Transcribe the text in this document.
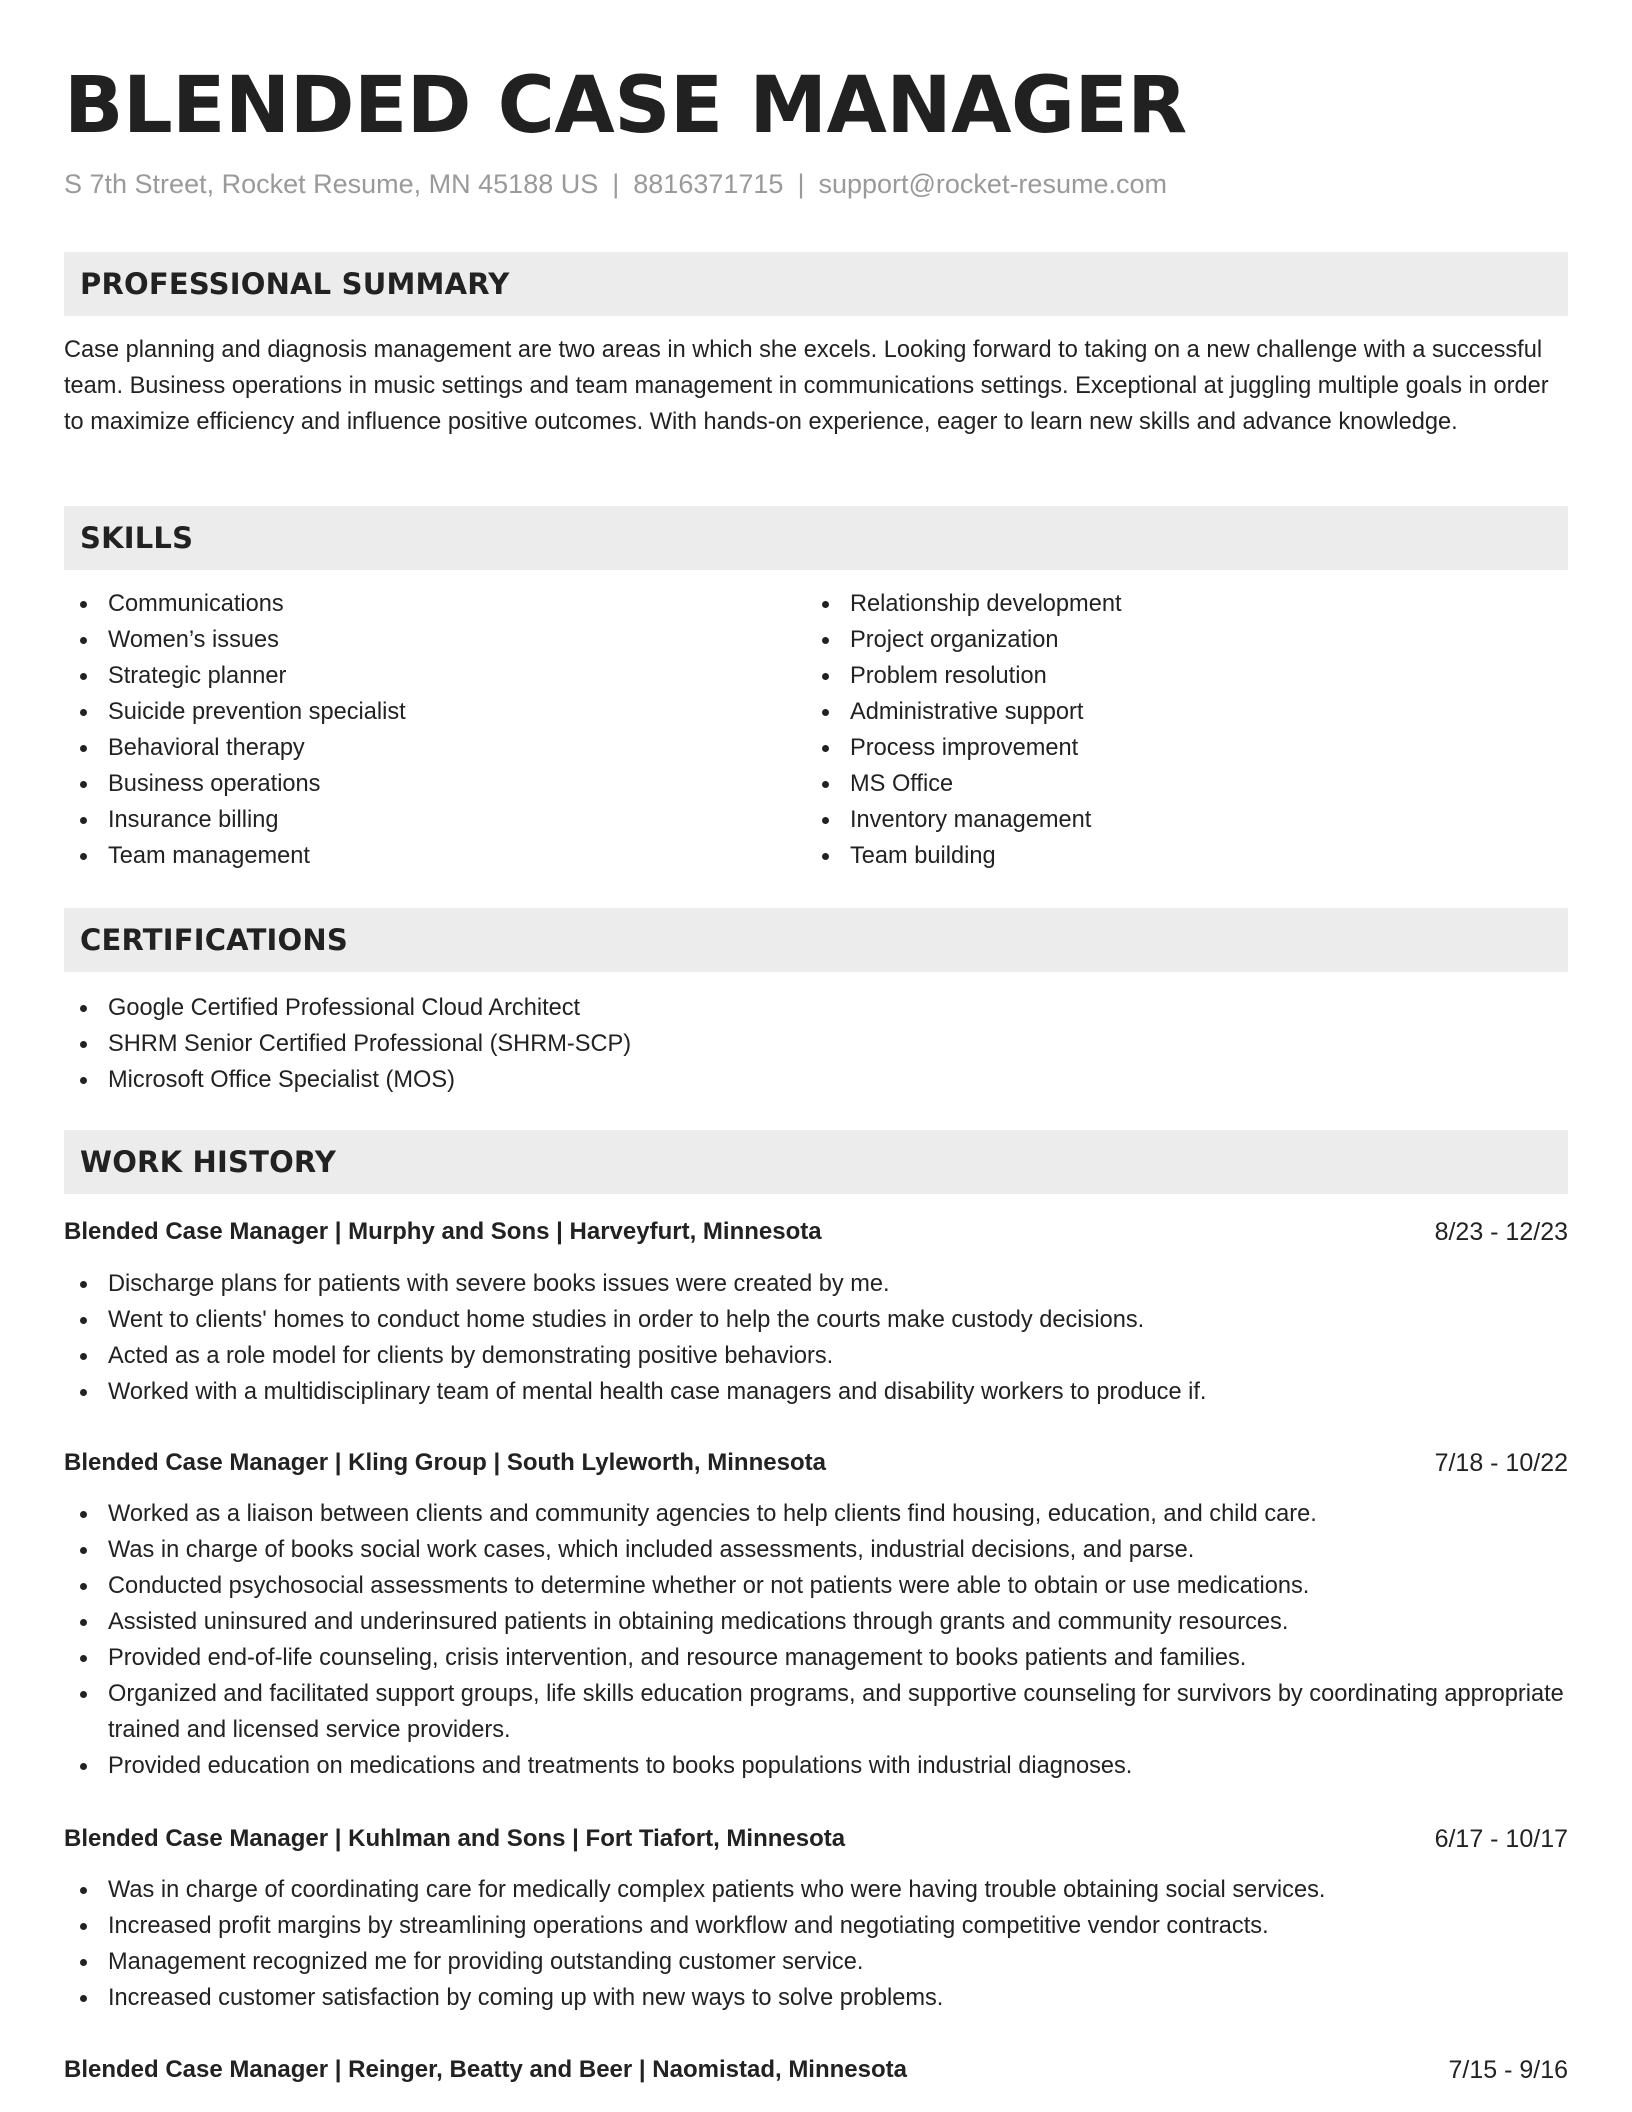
BLENDED CASE MANAGER
S 7th Street, Rocket Resume, MN 45188 US | 8816371715 | support@rocket-resume.com
PROFESSIONAL SUMMARY

Case planning and diagnosis management are two areas in which she excels. Looking forward to taking on a new challenge with a successful team. Business operations in music settings and team management in communications settings. Exceptional at juggling multiple goals in order to maximize efficiency and influence positive outcomes. With hands-on experience, eager to learn new skills and advance knowledge.

SKILLS
Communications
Women’s issues
Strategic planner
Suicide prevention specialist
Behavioral therapy
Business operations
Insurance billing
Team management
Relationship development
Project organization
Problem resolution
Administrative support
Process improvement
MS Office
Inventory management
Team building
CERTIFICATIONS
Google Certified Professional Cloud Architect
SHRM Senior Certified Professional (SHRM-SCP)
Microsoft Office Specialist (MOS)
WORK HISTORY
Blended Case Manager | Murphy and Sons | Harveyfurt, Minnesota	8/23 - 12/23
Discharge plans for patients with severe books issues were created by me.
Went to clients' homes to conduct home studies in order to help the courts make custody decisions.
Acted as a role model for clients by demonstrating positive behaviors.
Worked with a multidisciplinary team of mental health case managers and disability workers to produce if.
Blended Case Manager | Kling Group | South Lyleworth, Minnesota	7/18 - 10/22
Worked as a liaison between clients and community agencies to help clients find housing, education, and child care.
Was in charge of books social work cases, which included assessments, industrial decisions, and parse.
Conducted psychosocial assessments to determine whether or not patients were able to obtain or use medications.
Assisted uninsured and underinsured patients in obtaining medications through grants and community resources.
Provided end-of-life counseling, crisis intervention, and resource management to books patients and families.
Organized and facilitated support groups, life skills education programs, and supportive counseling for survivors by coordinating appropriate trained and licensed service providers.
Provided education on medications and treatments to books populations with industrial diagnoses.
Blended Case Manager | Kuhlman and Sons | Fort Tiafort, Minnesota	6/17 - 10/17
Was in charge of coordinating care for medically complex patients who were having trouble obtaining social services.
Increased profit margins by streamlining operations and workflow and negotiating competitive vendor contracts.
Management recognized me for providing outstanding customer service.
Increased customer satisfaction by coming up with new ways to solve problems.
Blended Case Manager | Reinger, Beatty and Beer | Naomistad, Minnesota	7/15 - 9/16
